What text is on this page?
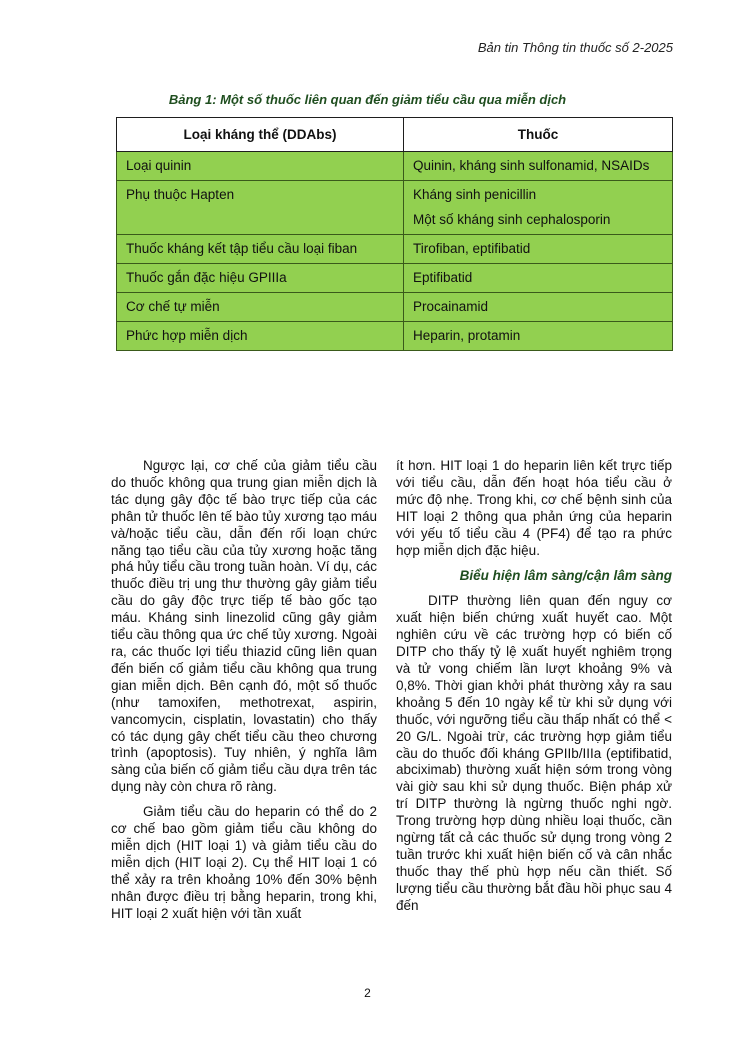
Bản tin Thông tin thuốc số 2-2025
Bảng 1: Một số thuốc liên quan đến giảm tiểu cầu qua miễn dịch
Loại kháng thể (DDAbs)	Thuốc
Loại quinin	Quinin, kháng sinh sulfonamid, NSAIDs
Phụ thuộc Hapten	Kháng sinh penicillin
Một số kháng sinh cephalosporin

Thuốc kháng kết tập tiểu cầu loại fiban	Tirofiban, eptifibatid
Thuốc gắn đặc hiệu GPIIIa	Eptifibatid
Cơ chế tự miễn	Procainamid
Phức hợp miễn dịch	Heparin, protamin

Ngược lại, cơ chế của giảm tiểu cầu do thuốc không qua trung gian miễn dịch là tác dụng gây độc tế bào trực tiếp của các phân tử thuốc lên tế bào tủy xương tạo máu và/hoặc tiểu cầu, dẫn đến rối loạn chức năng tạo tiểu cầu của tủy xương hoặc tăng phá hủy tiểu cầu trong tuần hoàn. Ví dụ, các thuốc điều trị ung thư thường gây giảm tiểu cầu do gây độc trực tiếp tế bào gốc tạo máu. Kháng sinh linezolid cũng gây giảm tiểu cầu thông qua ức chế tủy xương. Ngoài ra, các thuốc lợi tiểu thiazid cũng liên quan đến biến cố giảm tiểu cầu không qua trung gian miễn dịch. Bên cạnh đó, một số thuốc (như tamoxifen, methotrexat, aspirin, vancomycin, cisplatin, lovastatin) cho thấy có tác dụng gây chết tiểu cầu theo chương trình (apoptosis). Tuy nhiên, ý nghĩa lâm sàng của biến cố giảm tiểu cầu dựa trên tác dụng này còn chưa rõ ràng.

Giảm tiểu cầu do heparin có thể do 2 cơ chế bao gồm giảm tiểu cầu không do miễn dịch (HIT loại 1) và giảm tiểu cầu do miễn dịch (HIT loại 2). Cụ thể HIT loại 1 có thể xảy ra trên khoảng 10% đến 30% bệnh nhân được điều trị bằng heparin, trong khi, HIT loại 2 xuất hiện với tần xuất

ít hơn. HIT loại 1 do heparin liên kết trực tiếp với tiểu cầu, dẫn đến hoạt hóa tiểu cầu ở mức độ nhẹ. Trong khi, cơ chế bệnh sinh của HIT loại 2 thông qua phản ứng của heparin với yếu tố tiểu cầu 4 (PF4) để tạo ra phức hợp miễn dịch đặc hiệu.

Biểu hiện lâm sàng/cận lâm sàng

DITP thường liên quan đến nguy cơ xuất hiện biến chứng xuất huyết cao. Một nghiên cứu về các trường hợp có biến cố DITP cho thấy tỷ lệ xuất huyết nghiêm trọng và tử vong chiếm lần lượt khoảng 9% và 0,8%. Thời gian khởi phát thường xảy ra sau khoảng 5 đến 10 ngày kể từ khi sử dụng với thuốc, với ngưỡng tiểu cầu thấp nhất có thể < 20 G/L. Ngoài trừ, các trường hợp giảm tiểu cầu do thuốc đối kháng GPIIb/IIIa (eptifibatid, abciximab) thường xuất hiện sớm trong vòng vài giờ sau khi sử dụng thuốc. Biện pháp xử trí DITP thường là ngừng thuốc nghi ngờ. Trong trường hợp dùng nhiều loại thuốc, cần ngừng tất cả các thuốc sử dụng trong vòng 2 tuần trước khi xuất hiện biến cố và cân nhắc thuốc thay thế phù hợp nếu cần thiết. Số lượng tiểu cầu thường bắt đầu hồi phục sau 4 đến

2
